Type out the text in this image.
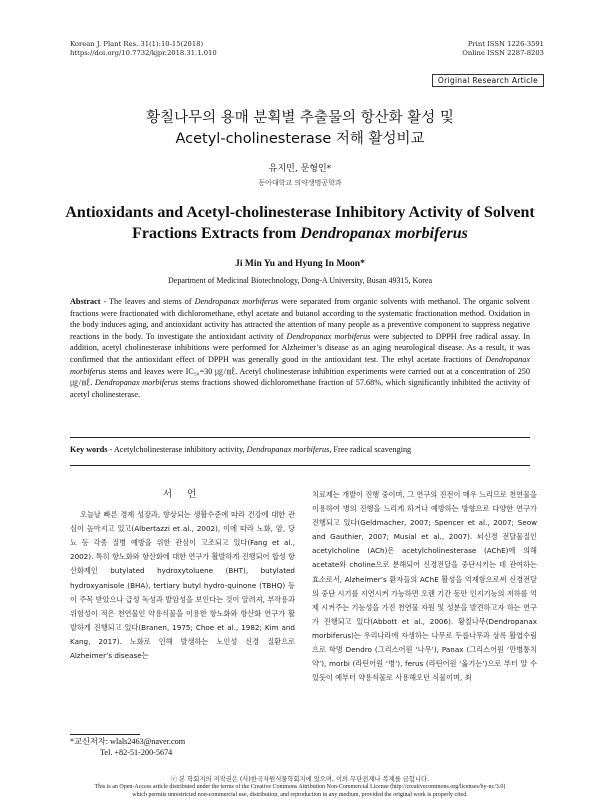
Korean J. Plant Res. 31(1):10-15(2018)
https://doi.org/10.7732/kjpr.2018.31.1.010
Print ISSN 1226-3591
Online ISSN 2287-8203
Original Research Article
황칠나무의 용매 분획별 추출물의 항산화 활성 및
Acetyl-cholinesterase 저해 활성비교
유지민, 문형인*
동아대학교 의약생명공학과
Antioxidants and Acetyl-cholinesterase Inhibitory Activity of Solvent
Fractions Extracts from Dendropanax morbiferus
Ji Min Yu and Hyung In Moon*
Department of Medicinal Biotechnology, Dong-A University, Busan 49315, Korea
Abstract - The leaves and stems of Dendropanax morbiferus were separated from organic solvents with methanol. The organic solvent fractions were fractionated with dichloromethane, ethyl acetate and butanol according to the systematic fractionation method. Oxidation in the body induces aging, and antioxidant activity has attracted the attention of many people as a preventive component to suppress negative reactions in the body. To investigate the antioxidant activity of Dendropanax morbiferus were subjected to DPPH free radical assay. In addition, acetyl cholinesterase inhibitions were performed for Alzheimer’s disease as an aging neurological disease. As a result, it was confirmed that the antioxidant effect of DPPH was generally good in the antioxidant test. The ethyl acetate fractions of Dendropanax morbiferus stems and leaves were IC₅₀=30 ㎍/㎖. Acetyl cholinesterase inhibition experiments were carried out at a concentration of 250 ㎍/㎖. Dendropanax morbiferus stems fractions showed dichloromethane fraction of 57.68%, which significantly inhibited the activity of acetyl cholinesterase.
Key words - Acetylcholinesterase inhibitory activity, Dendropanax morbiferus, Free radical scavenging
서 언
오늘날 빠른 경제 성장과, 향상되는 생활수준에 따라 건강에 대한 관심이 높아지고 있고(Albertazzi et al., 2002), 이에 따라 노화, 암, 당뇨 등 각종 질병 예방을 위한 관심이 고조되고 있다(Fang et al., 2002). 특히 항노화와 항산화에 대한 연구가 활발하게 진행되어 합성 항산화제인 butylated hydroxytoluene (BHT), butylated hydroxyanisole (BHA), tertiary butyl hydro-quinone (TBHQ) 등이 주목 받았으나 급성 독성과 발암성을 보인다는 것이 알려져, 부작용과 위험성이 적은 천연물인 약용식물을 이용한 항노화와 항산화 연구가 활발하게 진행되고 있다(Branen, 1975; Choe et al., 1982; Kim and Kang, 2017). 노화로 인해 발생하는 노인성 신경 질환으로 Alzheimer’s disease는
치료제는 개발이 진행 중이며, 그 연구의 진전이 매우 느리므로 천연물을 이용하여 병의 진행을 느리게 하거나 예방하는 방향으로 다양한 연구가 진행되고 있다(Geldmacher, 2007; Spencer et al., 2007; Seow and Gauthier, 2007; Musial et al., 2007). 뇌신경 전달물질인 acetylcholine (ACh)은 acetylcholinesterase (AChE)에 의해 acetate와 choline으로 분해되어 신경전달을 중단시키는 데 관여하는 효소로서, Alzheimer’s 환자들의 AChE 활성을 억제함으로써 신경전달의 중단 시기를 지연시켜 가능하면 오랜 기간 동안 인지기능의 저하를 억제 시켜주는 기능성을 가진 천연물 자원 및 성분을 발견하고자 하는 연구가 진행되고 있다(Abbott et al., 2006). 황칠나무(Dendropanax morbiferus)는 우리나라에 자생하는 나무로 두릅나무과 상록 활엽수림으로 학명 Dendro (그리스어원 ‘나무’), Panax (그리스어원 ‘만병통치약’), morbi (라틴어원 ‘병’), ferus (라틴어원 ‘옮기는’)으로 부터 알 수 있듯이 예부터 약용식물로 사용해오던 식물이며, 최
*교신저자: wlals2463@naver.com
Tel. +82-51-200-5674
ⓒ 본 학회지의 저작권은 (사)한국자원식물학회지에 있으며, 이의 무단전재나 복제를 금합니다.
This is an Open-Access article distributed under the terms of the Creative Commons Attribution Non-Commercial License (http://creativecommons.org/licenses/by-nc/3.0)
which permits unrestricted non-commercial use, distribution, and reproduction in any medium, provided the original work is properly cited.
